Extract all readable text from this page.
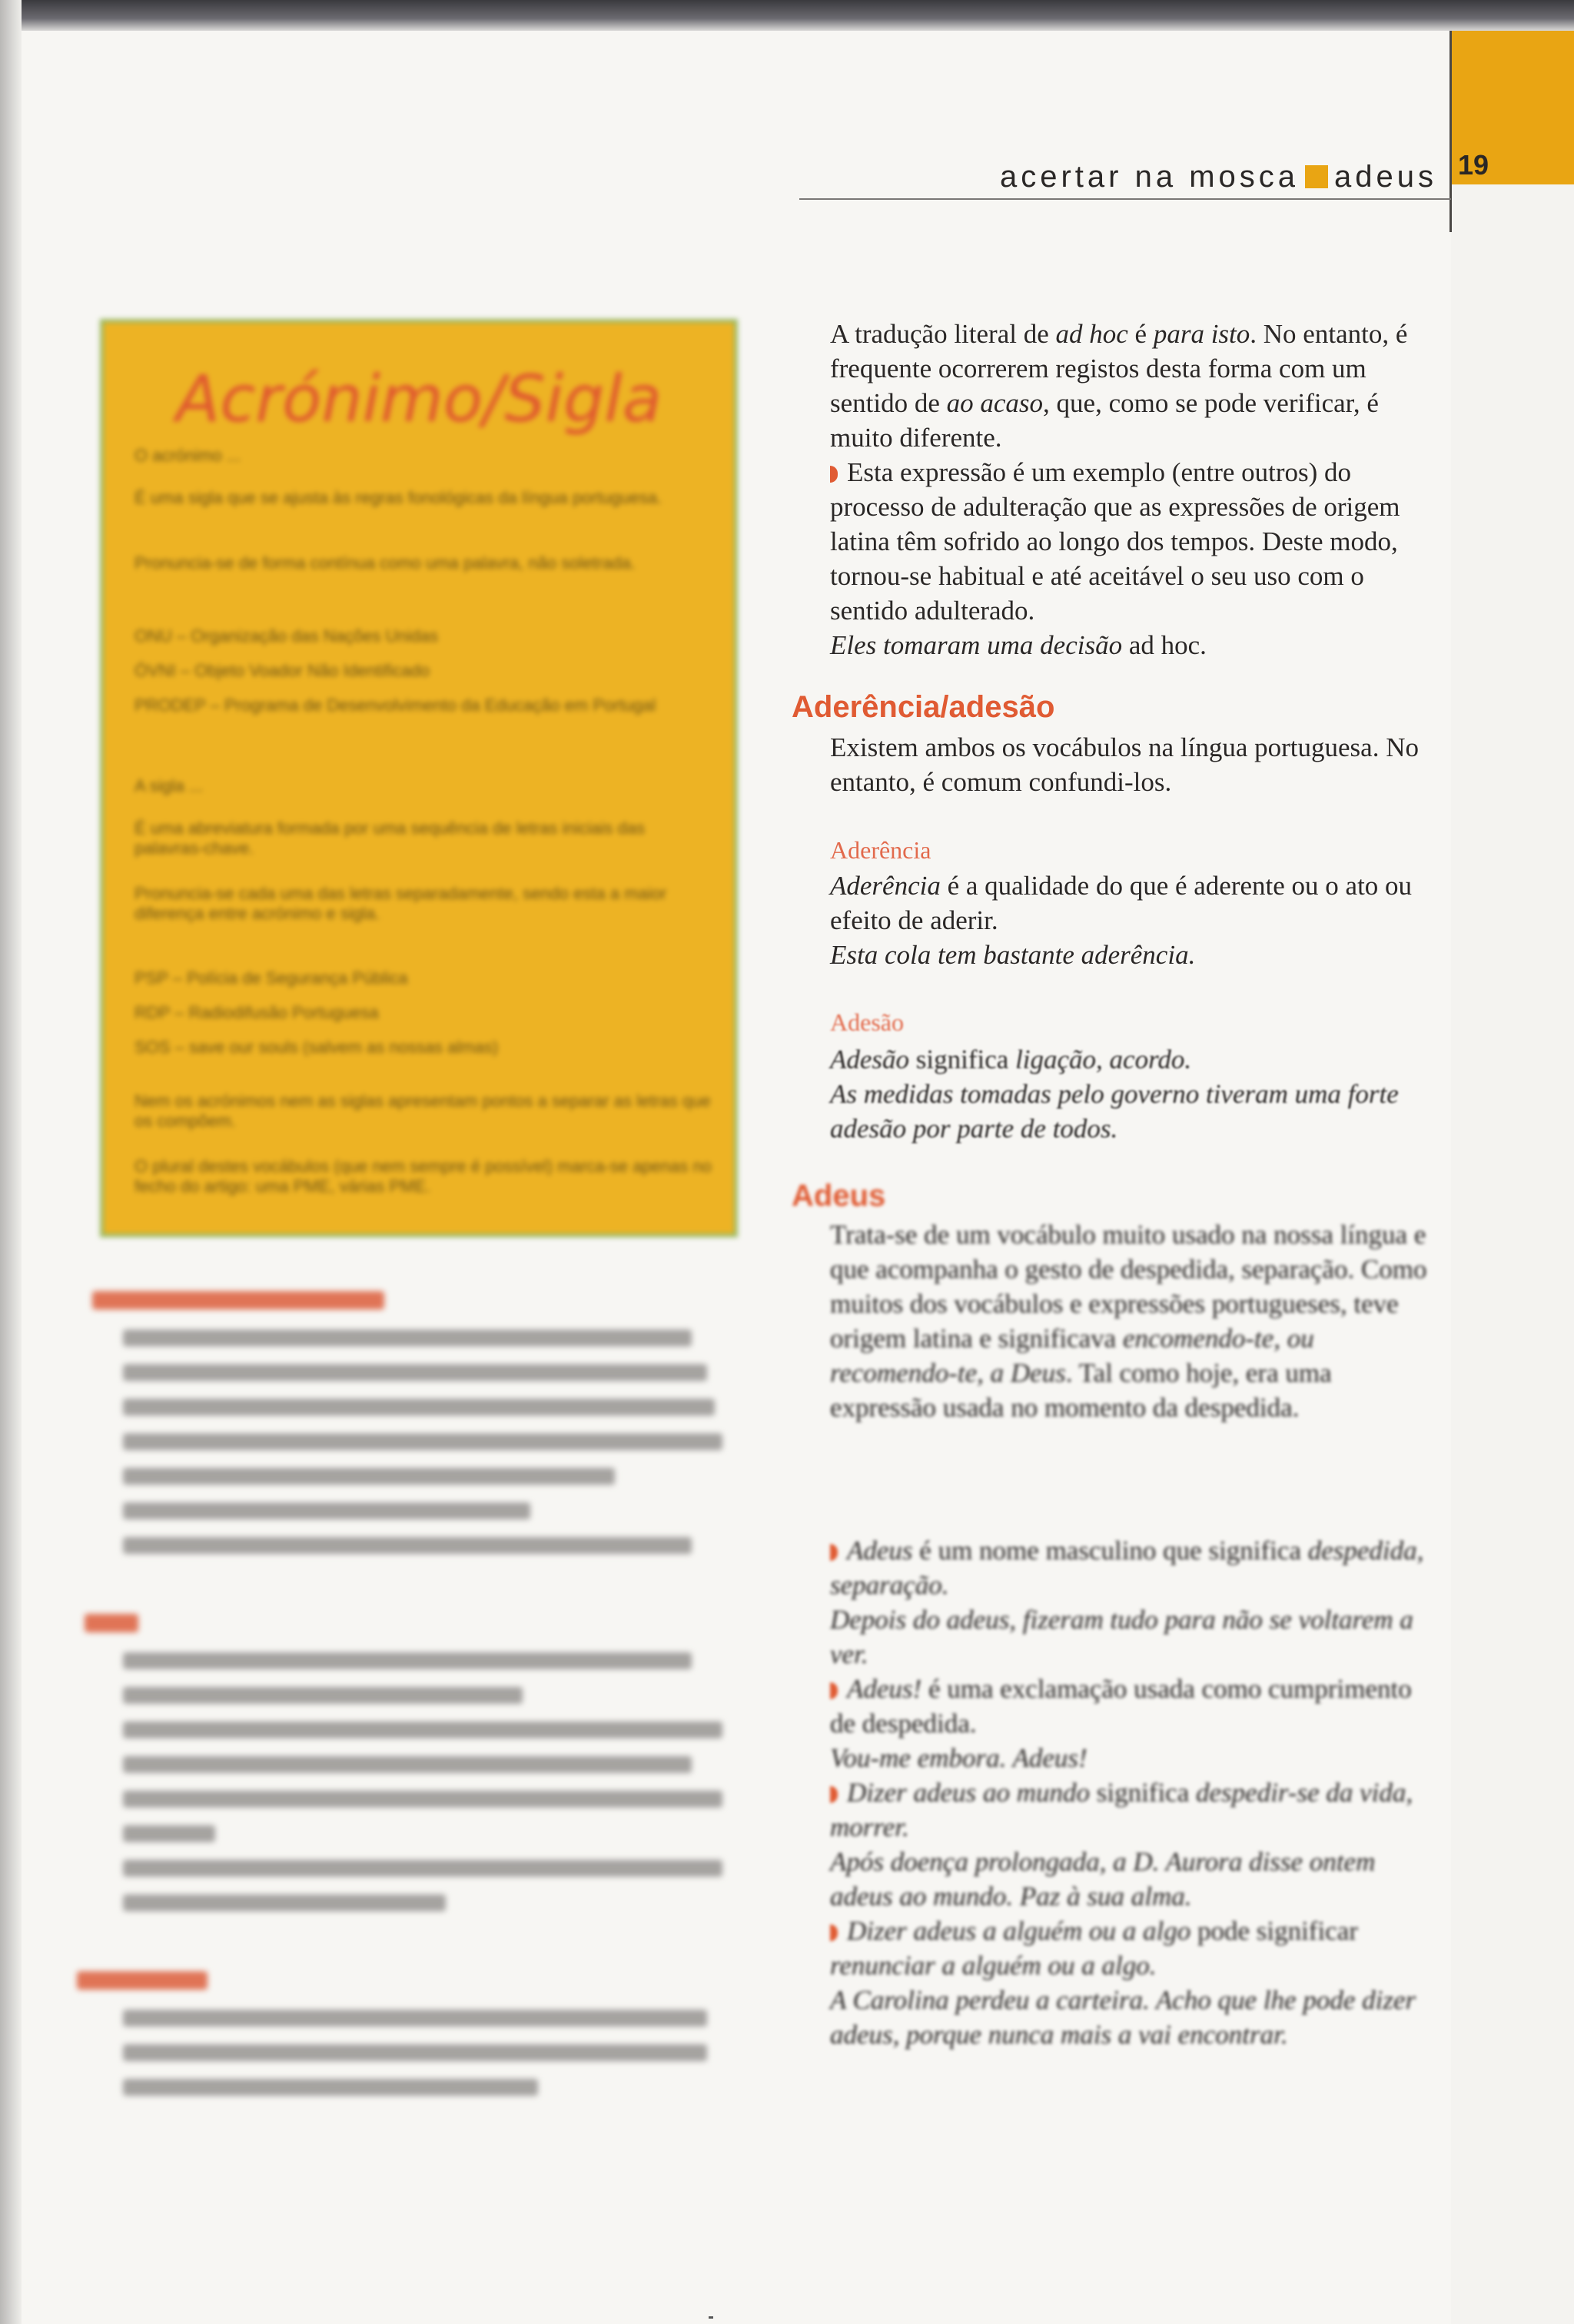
19
acertar na mosca adeus
Acrónimo/Sigla
O acrónimo ...
É uma sigla que se ajusta às regras fonológicas da língua portuguesa.
Pronuncia-se de forma contínua como uma palavra, não soletrada.
ONU – Organização das Nações Unidas
ÓVNI – Objeto Voador Não Identificado
PRODEP – Programa de Desenvolvimento da Educação em Portugal
A sigla ...
É uma abreviatura formada por uma sequência de letras iniciais das palavras-chave.
Pronuncia-se cada uma das letras separadamente, sendo esta a maior diferença entre acrónimo e sigla.
PSP – Polícia de Segurança Pública
RDP – Radiodifusão Portuguesa
SOS – save our souls (salvem as nossas almas)
Nem os acrónimos nem as siglas apresentam pontos a separar as letras que os compõem.
O plural destes vocábulos (que nem sempre é possível) marca-se apenas no fecho do artigo: uma PME, várias PME.

A tradução literal de ad hoc é para isto. No entanto, é frequente ocorrerem registos desta forma com um sentido de ao acaso, que, como se pode verificar, é muito diferente.

Esta expressão é um exemplo (entre outros) do processo de adulteração que as expressões de origem latina têm sofrido ao longo dos tempos. Deste modo, tornou-se habitual e até aceitável o seu uso com o sentido adulterado.

Eles tomaram uma decisão ad hoc.

Aderência/adesão

Existem ambos os vocábulos na língua portuguesa. No entanto, é comum confundi-los.

Aderência

Aderência é a qualidade do que é aderente ou o ato ou efeito de aderir.

Esta cola tem bastante aderência.

Adesão

Adesão significa ligação, acordo.

As medidas tomadas pelo governo tiveram uma forte adesão por parte de todos.

Adeus

Trata-se de um vocábulo muito usado na nossa língua e que acompanha o gesto de despedida, separação. Como muitos dos vocábulos e expressões portugueses, teve origem latina e significava encomendo-te, ou recomendo-te, a Deus. Tal como hoje, era uma expressão usada no momento da despedida.

Adeus é um nome masculino que significa despedida, separação.

Depois do adeus, fizeram tudo para não se voltarem a ver.

Adeus! é uma exclamação usada como cumprimento de despedida.

Vou-me embora. Adeus!

Dizer adeus ao mundo significa despedir-se da vida, morrer.

Após doença prolongada, a D. Aurora disse ontem adeus ao mundo. Paz à sua alma.

Dizer adeus a alguém ou a algo pode significar renunciar a alguém ou a algo.

A Carolina perdeu a carteira. Acho que lhe pode dizer adeus, porque nunca mais a vai encontrar.
